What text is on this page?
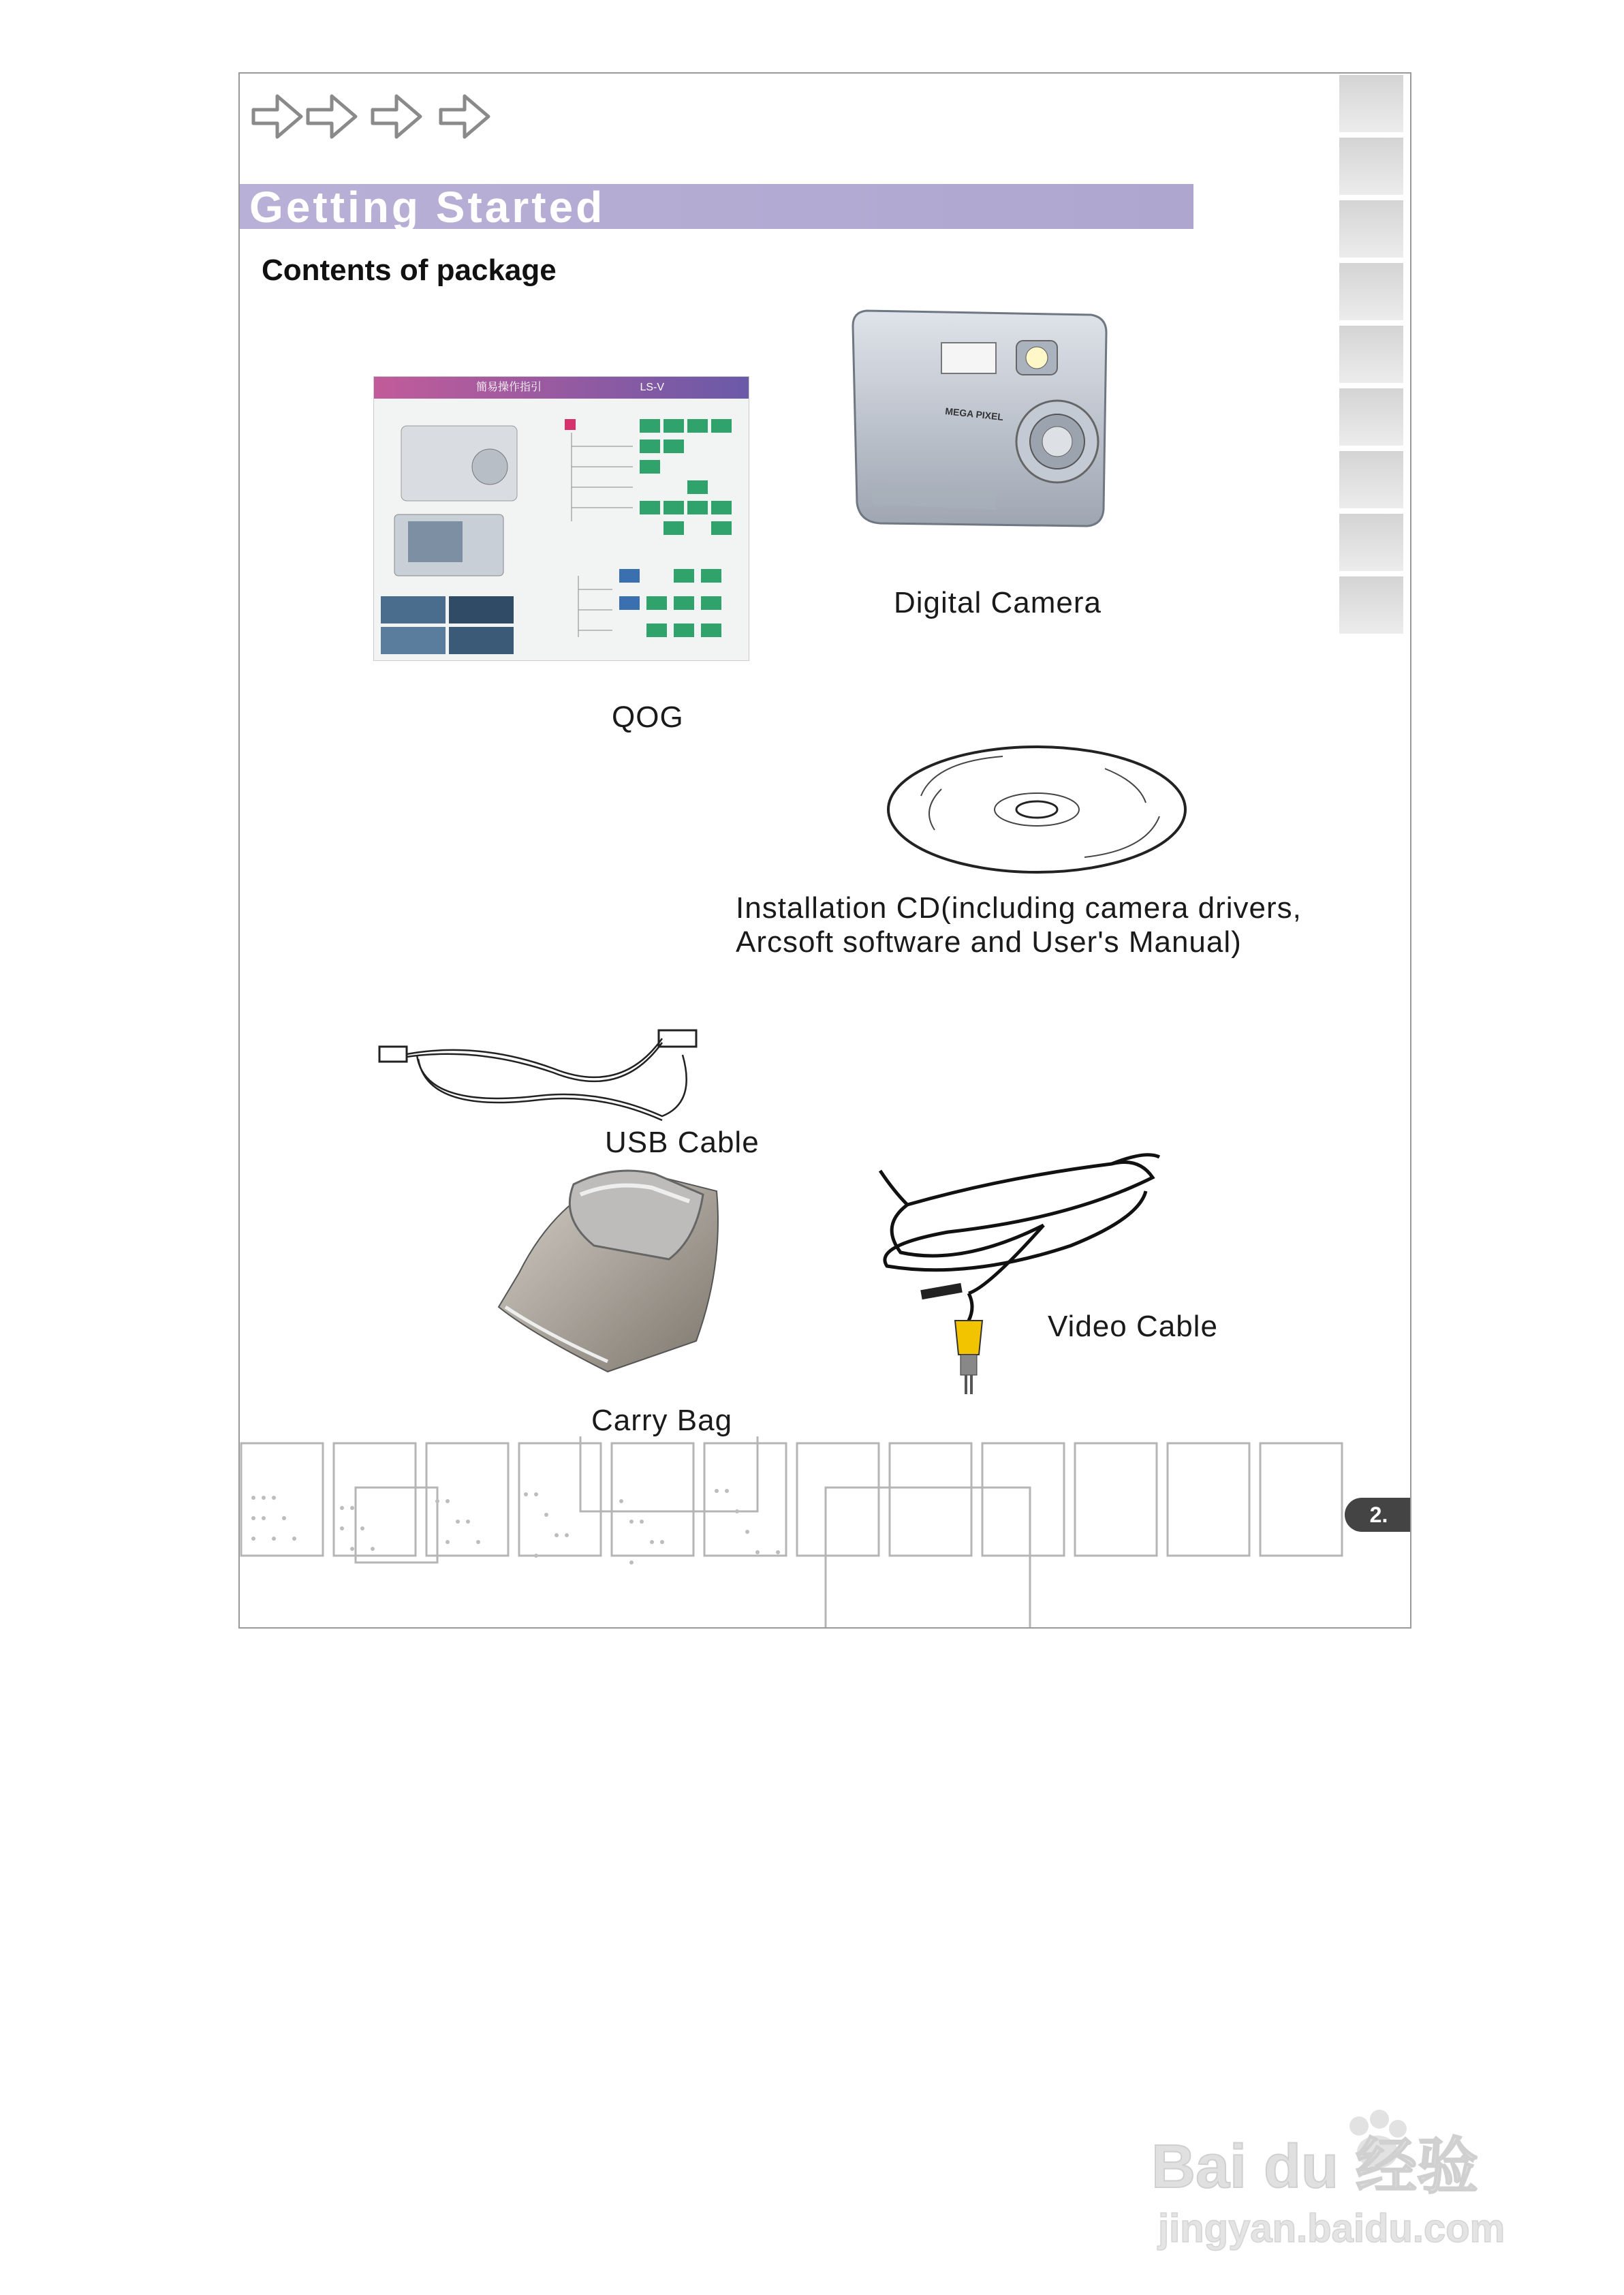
Getting Started
Contents of package
簡易操作指引	LS-V
QOG
MEGA PIXEL
Digital Camera
Installation CD(including camera drivers,
Arcsoft software and User's Manual)
USB Cable
Carry Bag
Video Cable
2.
Bai du 经验
jingyan.baidu.com
